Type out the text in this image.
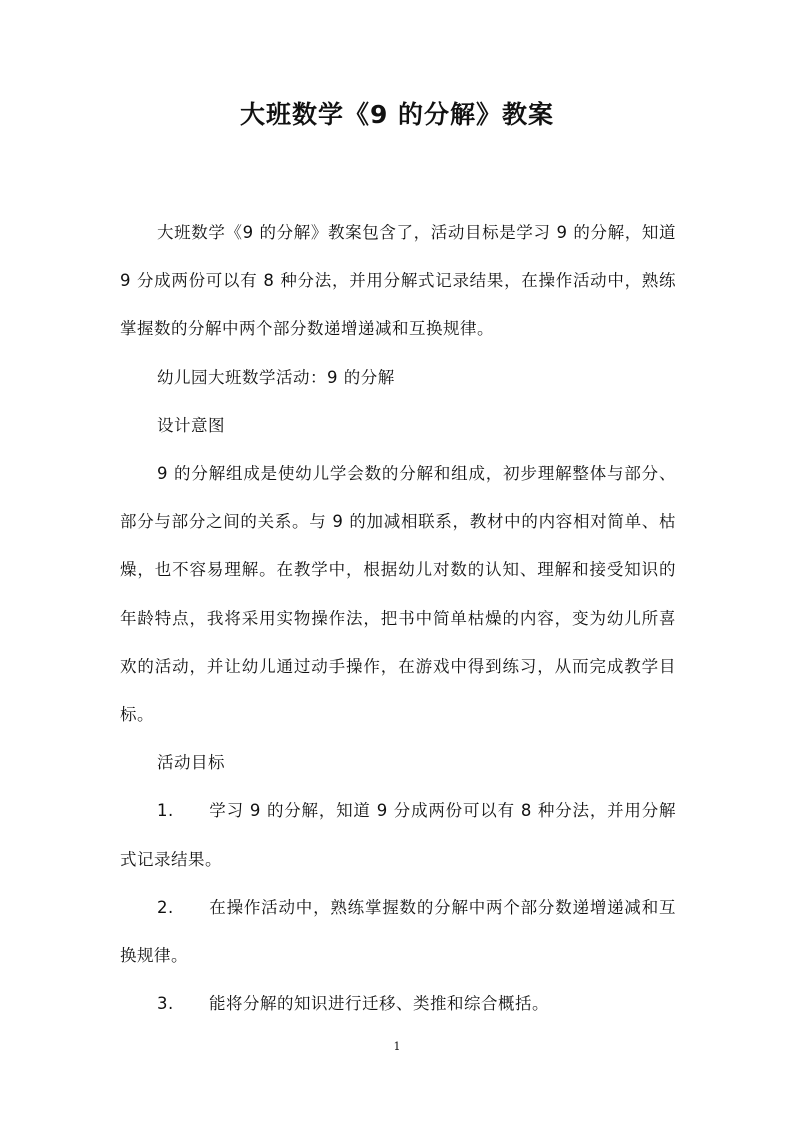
大班数学《9 的分解》教案

大班数学《9 的分解》教案包含了，活动目标是学习 9 的分解，知道 9 分成两份可以有 8 种分法，并用分解式记录结果，在操作活动中，熟练掌握数的分解中两个部分数递增递减和互换规律。

幼儿园大班数学活动：9 的分解

设计意图

9 的分解组成是使幼儿学会数的分解和组成，初步理解整体与部分、部分与部分之间的关系。与 9 的加减相联系，教材中的内容相对简单、枯燥，也不容易理解。在教学中，根据幼儿对数的认知、理解和接受知识的年龄特点，我将采用实物操作法，把书中简单枯燥的内容，变为幼儿所喜欢的活动，并让幼儿通过动手操作，在游戏中得到练习，从而完成教学目标。

活动目标

1. 学习 9 的分解，知道 9 分成两份可以有 8 种分法，并用分解式记录结果。

2. 在操作活动中，熟练掌握数的分解中两个部分数递增递减和互换规律。

3. 能将分解的知识进行迁移、类推和综合概括。

1
